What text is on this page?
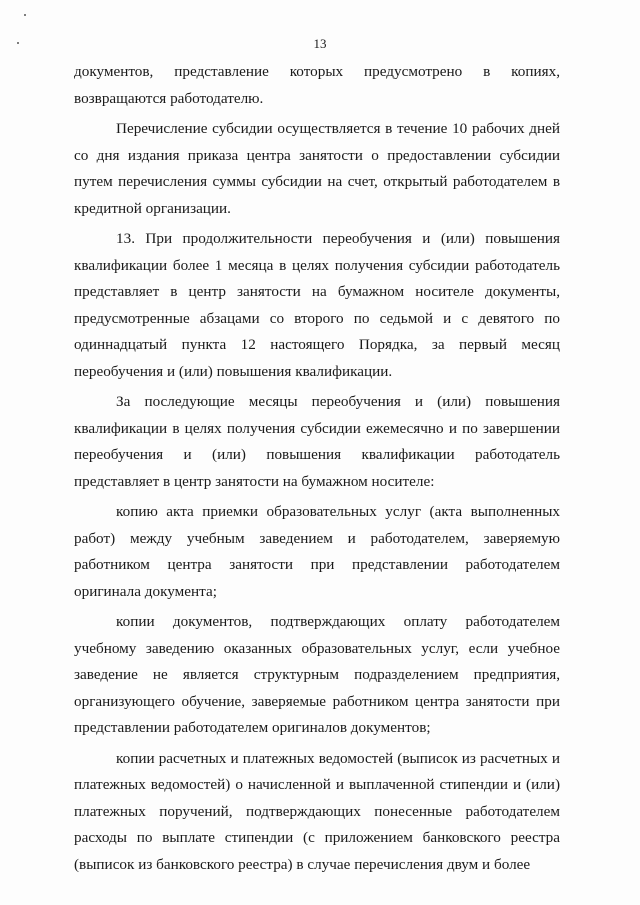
13

документов, представление которых предусмотрено в копиях, возвращаются работодателю.

Перечисление субсидии осуществляется в течение 10 рабочих дней со дня издания приказа центра занятости о предоставлении субсидии путем перечисления суммы субсидии на счет, открытый работодателем в кредитной организации.

13. При продолжительности переобучения и (или) повышения квалификации более 1 месяца в целях получения субсидии работодатель представляет в центр занятости на бумажном носителе документы, предусмотренные абзацами со второго по седьмой и с девятого по одиннадцатый пункта 12 настоящего Порядка, за первый месяц переобучения и (или) повышения квалификации.

За последующие месяцы переобучения и (или) повышения квалификации в целях получения субсидии ежемесячно и по завершении переобучения и (или) повышения квалификации работодатель представляет в центр занятости на бумажном носителе:

копию акта приемки образовательных услуг (акта выполненных работ) между учебным заведением и работодателем, заверяемую работником центра занятости при представлении работодателем оригинала документа;

копии документов, подтверждающих оплату работодателем учебному заведению оказанных образовательных услуг, если учебное заведение не является структурным подразделением предприятия, организующего обучение, заверяемые работником центра занятости при представлении работодателем оригиналов документов;

копии расчетных и платежных ведомостей (выписок из расчетных и платежных ведомостей) о начисленной и выплаченной стипендии и (или) платежных поручений, подтверждающих понесенные работодателем расходы по выплате стипендии (с приложением банковского реестра (выписок из банковского реестра) в случае перечисления двум и более
